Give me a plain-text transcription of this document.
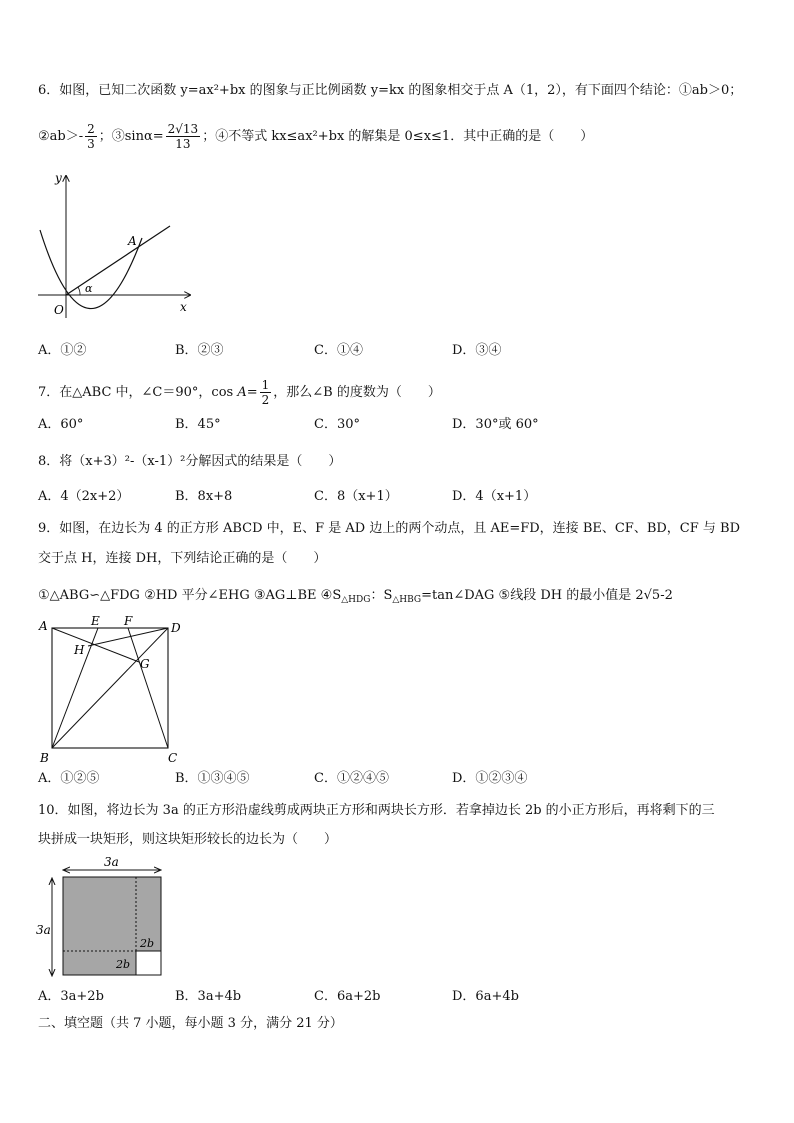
6．如图，已知二次函数 y=ax²+bx 的图象与正比例函数 y=kx 的图象相交于点 A（1，2），有下面四个结论：①ab＞0；
②ab＞- $\frac{2}{3}$ ；③sinα= $\frac{2√13}{13}$ ；④不等式 kx≤ax²+bx 的解集是 0≤x≤1．其中正确的是（　　）
y
x
O
A
α
A．①②	B．②③	C．①④	D．③④
7．在△ABC 中，∠C＝90°，$\cos A= \frac{1}{2}$ ，那么∠B 的度数为（　　）
A．60°	B．45°	C．30°	D．30°或 60°
8．将（x+3）²-（x-1）²分解因式的结果是（　　）
A．4（2x+2）	B．8x+8	C．8（x+1）	D．4（x+1）
9．如图，在边长为 4 的正方形 ABCD 中，E、F 是 AD 边上的两个动点，且 AE=FD，连接 BE、CF、BD，CF 与 BD
交于点 H，连接 DH，下列结论正确的是（　　）
①△ABG∽△FDG ②HD 平分∠EHG ③AG⊥BE $④S_{\triangle HDG}$：$S_{\triangle HBG}=\tan\angle DAG$ ⑤线段 DH 的最小值是 2√5-2
A	E F	D
H
G
B	C
A．①②⑤	B．①③④⑤	C．①②④⑤	D．①②③④
10．如图，将边长为 3a 的正方形沿虚线剪成两块正方形和两块长方形．若拿掉边长 2b 的小正方形后，再将剩下的三
块拼成一块矩形，则这块矩形较长的边长为（　　）
3a
3a
2b
2b
A．3a+2b	B．3a+4b	C．6a+2b	D．6a+4b
二、填空题（共 7 小题，每小题 3 分，满分 21 分）
